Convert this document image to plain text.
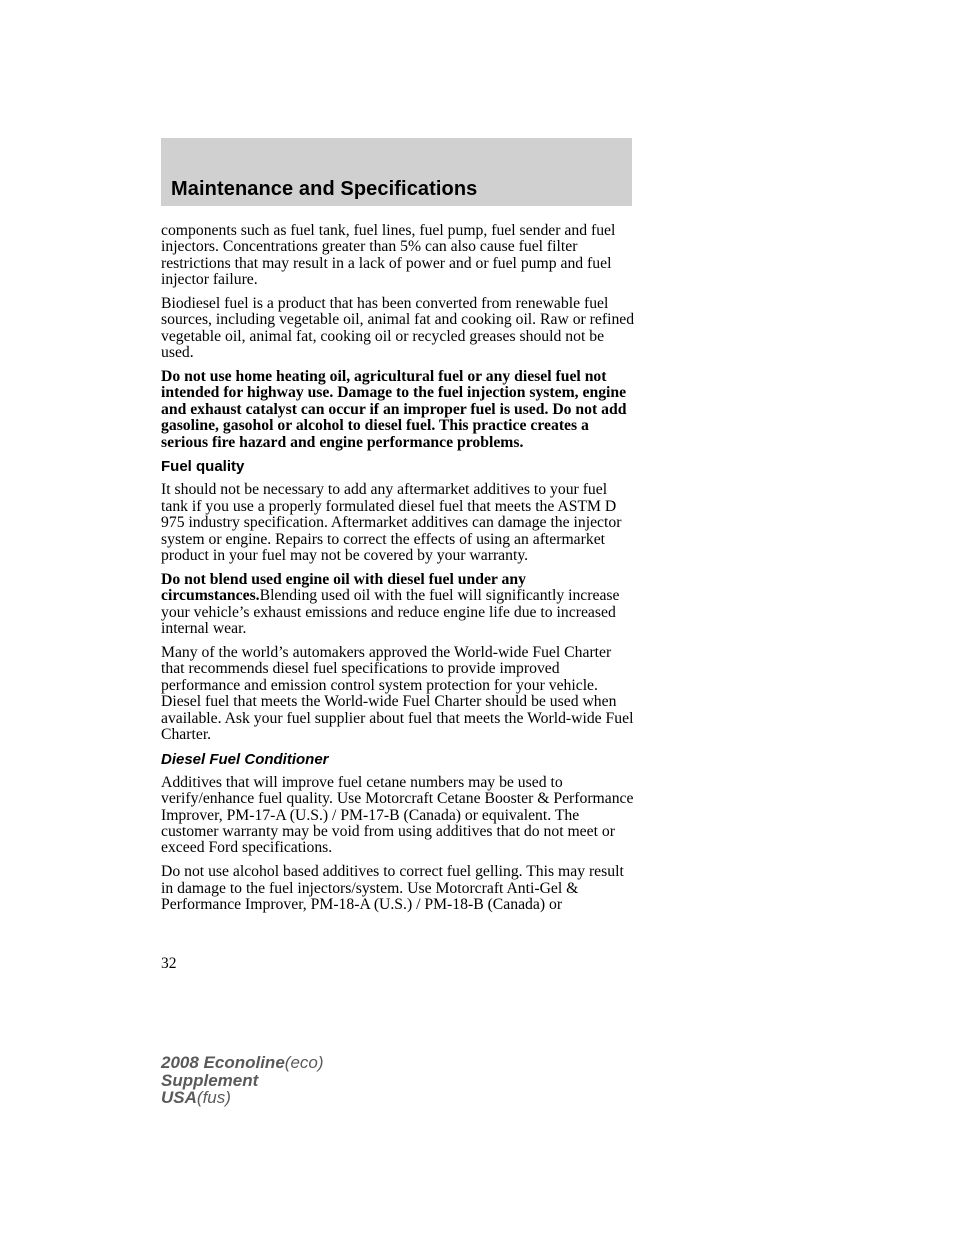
Maintenance and Specifications

components such as fuel tank, fuel lines, fuel pump, fuel sender and fuel injectors. Concentrations greater than 5% can also cause fuel filter restrictions that may result in a lack of power and or fuel pump and fuel injector failure.

Biodiesel fuel is a product that has been converted from renewable fuel sources, including vegetable oil, animal fat and cooking oil. Raw or refined vegetable oil, animal fat, cooking oil or recycled greases should not be used.

Do not use home heating oil, agricultural fuel or any diesel fuel not intended for highway use. Damage to the fuel injection system, engine and exhaust catalyst can occur if an improper fuel is used. Do not add gasoline, gasohol or alcohol to diesel fuel. This practice creates a serious fire hazard and engine performance problems.

Fuel quality

It should not be necessary to add any aftermarket additives to your fuel tank if you use a properly formulated diesel fuel that meets the ASTM D 975 industry specification. Aftermarket additives can damage the injector system or engine. Repairs to correct the effects of using an aftermarket product in your fuel may not be covered by your warranty.

Do not blend used engine oil with diesel fuel under any circumstances.Blending used oil with the fuel will significantly increase your vehicle’s exhaust emissions and reduce engine life due to increased internal wear.

Many of the world’s automakers approved the World-wide Fuel Charter that recommends diesel fuel specifications to provide improved performance and emission control system protection for your vehicle. Diesel fuel that meets the World-wide Fuel Charter should be used when available. Ask your fuel supplier about fuel that meets the World-wide Fuel Charter.

Diesel Fuel Conditioner

Additives that will improve fuel cetane numbers may be used to verify/enhance fuel quality. Use Motorcraft Cetane Booster & Performance Improver, PM-17-A (U.S.) / PM-17-B (Canada) or equivalent. The customer warranty may be void from using additives that do not meet or exceed Ford specifications.

Do not use alcohol based additives to correct fuel gelling. This may result in damage to the fuel injectors/system. Use Motorcraft Anti-Gel & Performance Improver, PM-18-A (U.S.) / PM-18-B (Canada) or

32
2008 Econoline(eco)
Supplement
USA(fus)
